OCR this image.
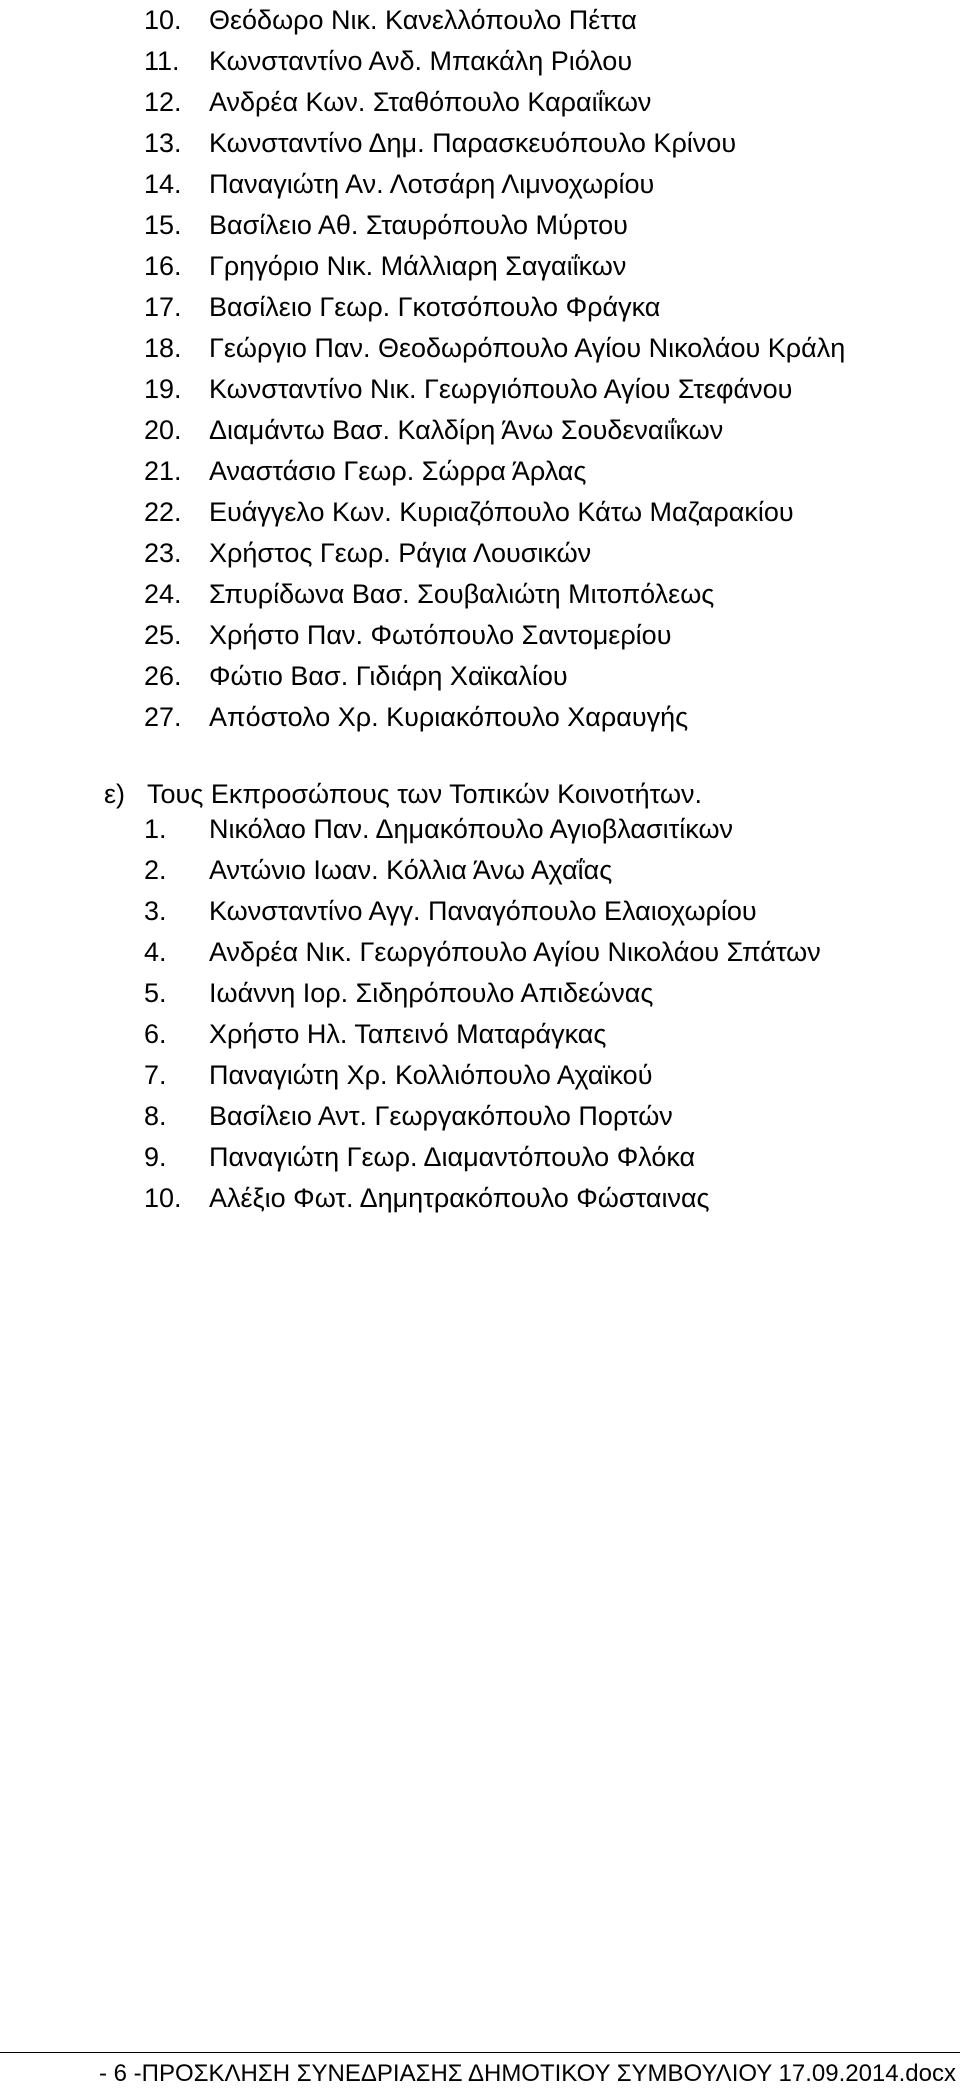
10. Θεόδωρο Νικ. Κανελλόπουλο Πέττα
11. Κωνσταντίνο Ανδ. Μπακάλη Ριόλου
12. Ανδρέα Κων. Σταθόπουλο Καραιΐκων
13. Κωνσταντίνο Δημ. Παρασκευόπουλο Κρίνου
14. Παναγιώτη Αν. Λοτσάρη Λιμνοχωρίου
15. Βασίλειο Αθ. Σταυρόπουλο Μύρτου
16. Γρηγόριο Νικ. Μάλλιαρη Σαγαιΐκων
17. Βασίλειο Γεωρ. Γκοτσόπουλο Φράγκα
18. Γεώργιο Παν. Θεοδωρόπουλο Αγίου Νικολάου Κράλη
19. Κωνσταντίνο Νικ. Γεωργιόπουλο Αγίου Στεφάνου
20. Διαμάντω Βασ. Καλδίρη Άνω Σουδεναιΐκων
21. Αναστάσιο Γεωρ. Σώρρα Άρλας
22. Ευάγγελο Κων. Κυριαζόπουλο Κάτω Μαζαρακίου
23. Χρήστος Γεωρ. Ράγια Λουσικών
24. Σπυρίδωνα Βασ. Σουβαλιώτη Μιτοπόλεως
25. Χρήστο Παν. Φωτόπουλο Σαντομερίου
26. Φώτιο Βασ. Γιδιάρη Χαϊκαλίου
27. Απόστολο Χρ. Κυριακόπουλο Χαραυγής
ε) Τους Εκπροσώπους των Τοπικών Κοινοτήτων.
1. Νικόλαο Παν. Δημακόπουλο Αγιοβλασιτίκων
2. Αντώνιο Ιωαν. Κόλλια Άνω Αχαΐας
3. Κωνσταντίνο Αγγ. Παναγόπουλο Ελαιοχωρίου
4. Ανδρέα Νικ. Γεωργόπουλο Αγίου Νικολάου Σπάτων
5. Ιωάννη Ιορ. Σιδηρόπουλο Απιδεώνας
6. Χρήστο Ηλ. Ταπεινό Ματαράγκας
7. Παναγιώτη Χρ. Κολλιόπουλο Αχαϊκού
8. Βασίλειο Αντ. Γεωργακόπουλο Πορτών
9. Παναγιώτη Γεωρ. Διαμαντόπουλο Φλόκα
10. Αλέξιο Φωτ. Δημητρακόπουλο Φώσταινας
- 6 -ΠΡΟΣΚΛΗΣΗ ΣΥΝΕΔΡΙΑΣΗΣ ΔΗΜΟΤΙΚΟΥ ΣΥΜΒΟΥΛΙΟΥ 17.09.2014.docx
